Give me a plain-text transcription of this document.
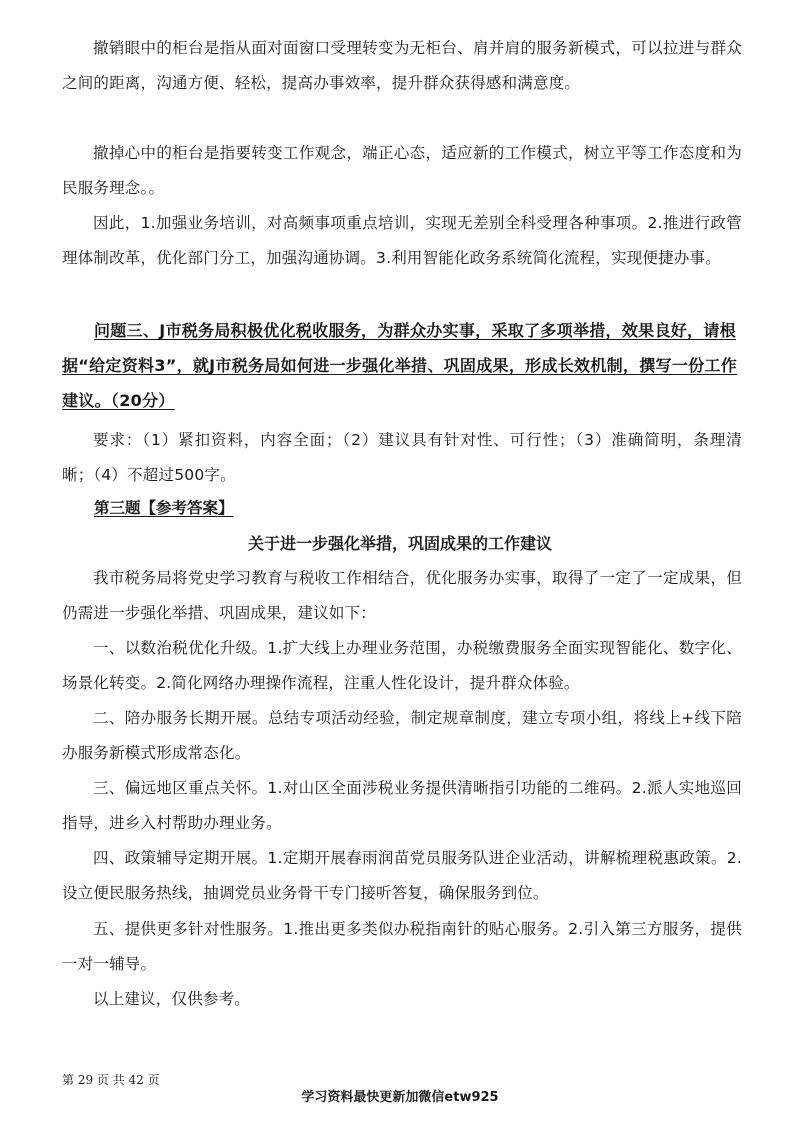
撤销眼中的柜台是指从面对面窗口受理转变为无柜台、肩并肩的服务新模式，可以拉进与群众之间的距离，沟通方便、轻松，提高办事效率，提升群众获得感和满意度。

撤掉心中的柜台是指要转变工作观念，端正心态，适应新的工作模式，树立平等工作态度和为民服务理念。。

因此，1.加强业务培训，对高频事项重点培训，实现无差别全科受理各种事项。2.推进行政管理体制改革，优化部门分工，加强沟通协调。3.利用智能化政务系统简化流程，实现便捷办事。

问题三、J市税务局积极优化税收服务，为群众办实事，采取了多项举措，效果良好，请根据“给定资料3”，就J市税务局如何进一步强化举措、巩固成果，形成长效机制，撰写一份工作建议。（20分）

要求：（1）紧扣资料，内容全面；（2）建议具有针对性、可行性；（3）准确简明，条理清晰；（4）不超过500字。

第三题【参考答案】

关于进一步强化举措，巩固成果的工作建议

我市税务局将党史学习教育与税收工作相结合，优化服务办实事，取得了一定了一定成果，但仍需进一步强化举措、巩固成果，建议如下：

一、以数治税优化升级。1.扩大线上办理业务范围，办税缴费服务全面实现智能化、数字化、场景化转变。2.简化网络办理操作流程，注重人性化设计，提升群众体验。

二、陪办服务长期开展。总结专项活动经验，制定规章制度，建立专项小组，将线上+线下陪办服务新模式形成常态化。

三、偏远地区重点关怀。1.对山区全面涉税业务提供清晰指引功能的二维码。2.派人实地巡回指导，进乡入村帮助办理业务。

四、政策辅导定期开展。1.定期开展春雨润苗党员服务队进企业活动，讲解梳理税惠政策。2.设立便民服务热线，抽调党员业务骨干专门接听答复，确保服务到位。

五、提供更多针对性服务。1.推出更多类似办税指南针的贴心服务。2.引入第三方服务，提供一对一辅导。

以上建议，仅供参考。

第 29 页 共 42 页

学习资料最快更新加微信etw925
